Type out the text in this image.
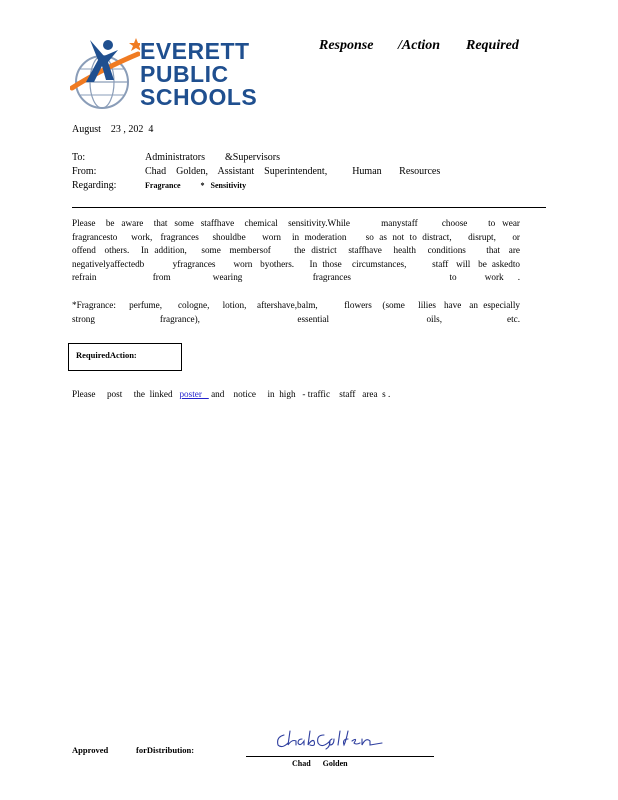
EVERETT
PUBLIC
SCHOOLS
Response /Action Required
August    23 , 202  4
To:	Administrators        &Supervisors
From:	Chad    Golden,    Assistant    Superintendent,          Human       Resources
Regarding:	Fragrance          *   Sensitivity
Please   be  aware   that  some  staffhave   chemical   sensitivity.While         manystaff       choose      to  wear
fragrancesto     work,   fragrances     shouldbe      worn    in  moderation       so  as  not  to  distract,      disrupt,      or
offend   others.    In  addition,     some   membersof        the  district    staffhave    health    conditions       that   are
negativelyaffectedb           yfragrances       worn   byothers.      In  those    circumstances,          staff   will   be  askedto
refrain    from   wearing     fragrances       to  work .
*Fragrance:     perfume,      cologne,     lotion,    aftershave,balm,          flowers    (some     lilies   have   an  especially
strong    fragrance),      essential      oils,    etc.
RequiredAction:
Please     post     the  linked   poster    and    notice     in  high   - traffic    staff   area  s .
Approved	forDistribution:
Chad      Golden
